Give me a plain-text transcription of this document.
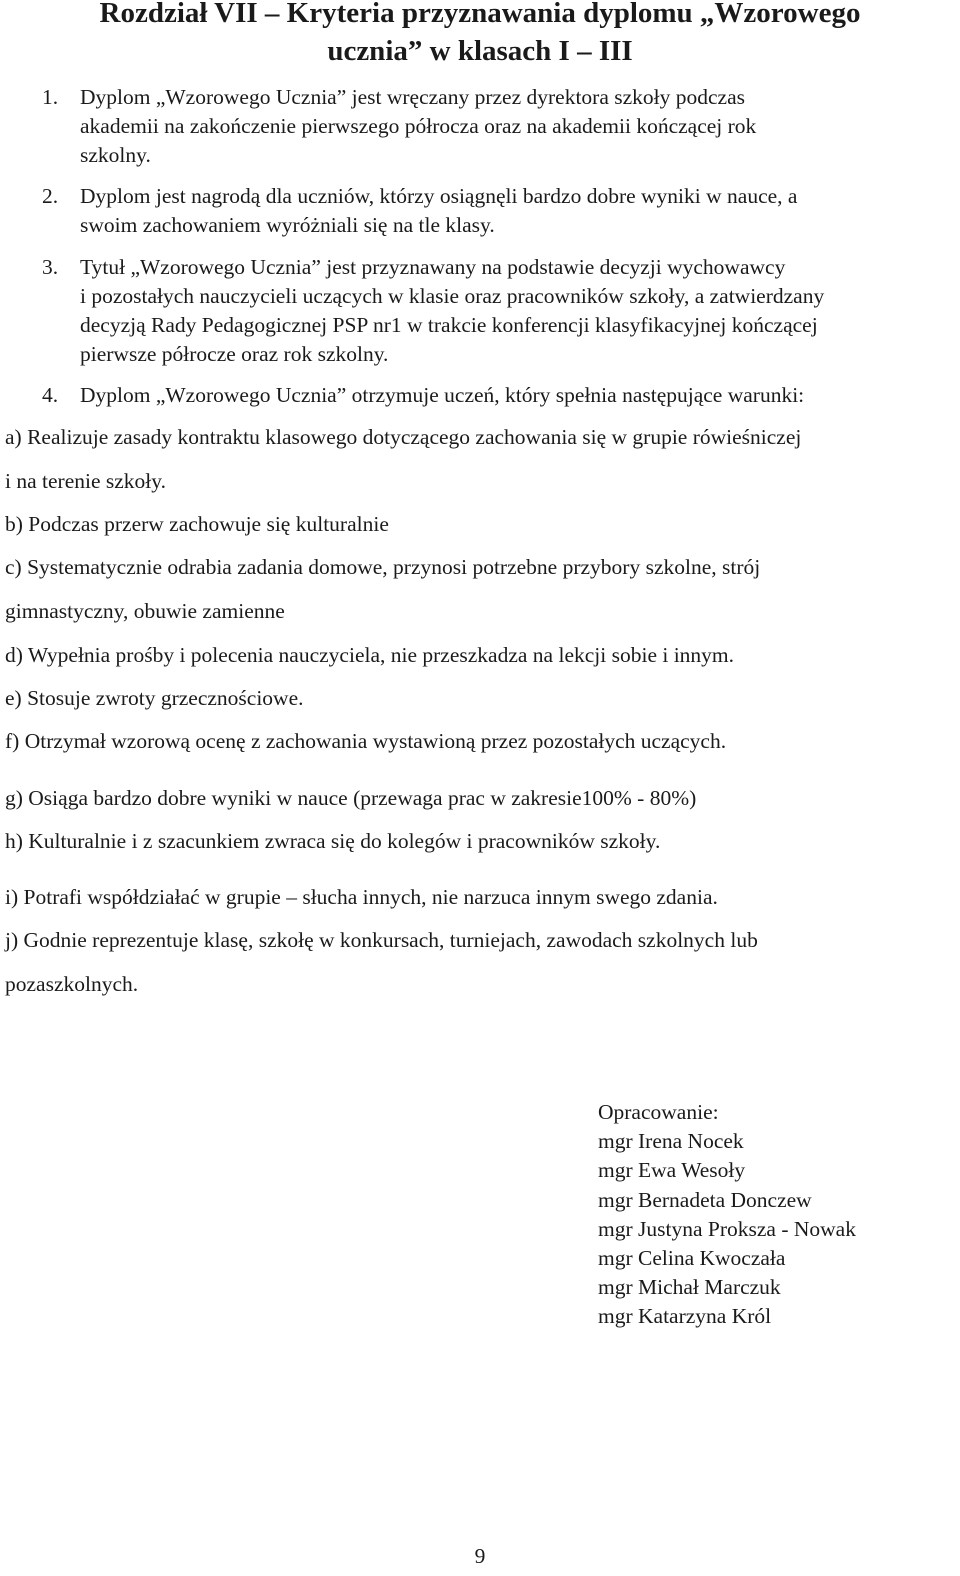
Rozdział VII – Kryteria przyznawania dyplomu „Wzorowego
ucznia” w klasach I – III
1. Dyplom „Wzorowego Ucznia” jest wręczany przez dyrektora szkoły podczas
akademii na zakończenie pierwszego półrocza oraz na akademii kończącej rok
szkolny.
2. Dyplom jest nagrodą dla uczniów, którzy osiągnęli bardzo dobre wyniki w nauce, a
swoim zachowaniem wyróżniali się na tle klasy.
3. Tytuł „Wzorowego Ucznia” jest przyznawany na podstawie decyzji wychowawcy
i pozostałych nauczycieli uczących w klasie oraz pracowników szkoły, a zatwierdzany
decyzją Rady Pedagogicznej PSP nr1 w trakcie konferencji klasyfikacyjnej kończącej
pierwsze półrocze oraz rok szkolny.
4. Dyplom „Wzorowego Ucznia” otrzymuje uczeń, który spełnia następujące warunki:
a) Realizuje zasady kontraktu klasowego dotyczącego zachowania się w grupie rówieśniczej
i na terenie szkoły.
b) Podczas przerw zachowuje się kulturalnie
c) Systematycznie odrabia zadania domowe, przynosi potrzebne przybory szkolne, strój
gimnastyczny, obuwie zamienne
d) Wypełnia prośby i polecenia nauczyciela, nie przeszkadza na lekcji sobie i innym.
e) Stosuje zwroty grzecznościowe.
f) Otrzymał wzorową ocenę z zachowania wystawioną przez pozostałych uczących.
g) Osiąga bardzo dobre wyniki w nauce (przewaga prac w zakresie100% - 80%)
h) Kulturalnie i z szacunkiem zwraca się do kolegów i pracowników szkoły.
i) Potrafi współdziałać w grupie – słucha innych, nie narzuca innym swego zdania.
j) Godnie reprezentuje klasę, szkołę w konkursach, turniejach, zawodach szkolnych lub
pozaszkolnych.
Opracowanie:
mgr Irena Nocek
mgr Ewa Wesoły
mgr Bernadeta Donczew
mgr Justyna Proksza - Nowak
mgr Celina Kwoczała
mgr Michał Marczuk
mgr Katarzyna Król
9
